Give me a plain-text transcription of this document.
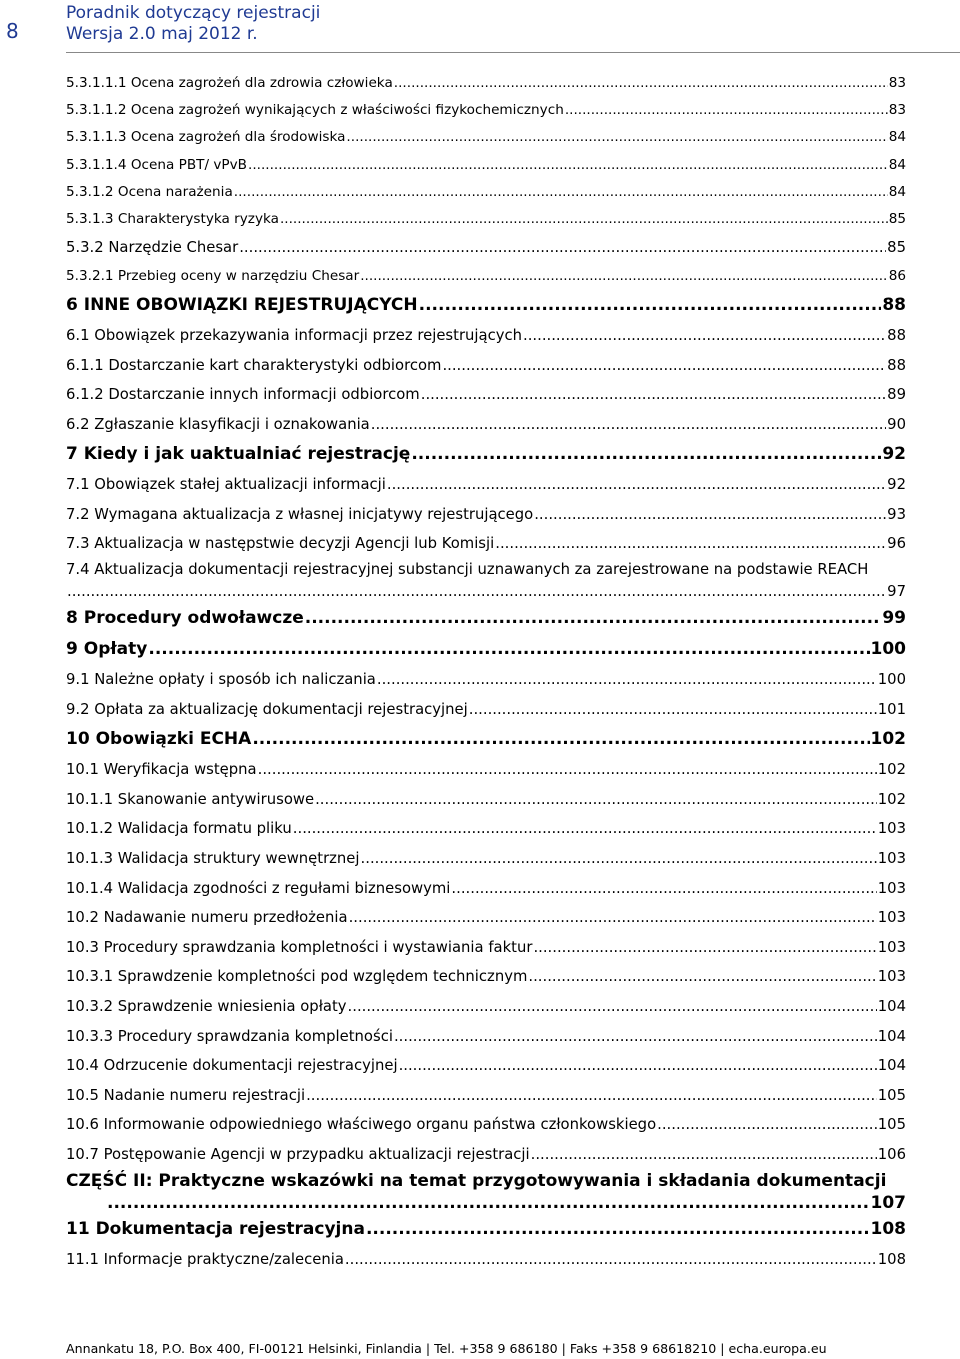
8
Poradnik dotyczący rejestracji
Wersja 2.0 maj 2012 r.
5.3.1.1.1 Ocena zagrożeń dla zdrowia człowieka .....	83
5.3.1.1.2 Ocena zagrożeń wynikających z właściwości fizykochemicznych .....	83
5.3.1.1.3 Ocena zagrożeń dla środowiska .....	84
5.3.1.1.4 Ocena PBT/ vPvB .....	84
5.3.1.2 Ocena narażenia .....	84
5.3.1.3 Charakterystyka ryzyka .....	85
5.3.2 Narzędzie Chesar .....	85
5.3.2.1 Przebieg oceny w narzędziu Chesar .....	86
6 INNE OBOWIĄZKI REJESTRUJĄCYCH .....	88
6.1 Obowiązek przekazywania informacji przez rejestrujących .....	88
6.1.1 Dostarczanie kart charakterystyki odbiorcom .....	88
6.1.2 Dostarczanie innych informacji odbiorcom .....	89
6.2 Zgłaszanie klasyfikacji i oznakowania .....	90
7 Kiedy i jak uaktualniać rejestrację .....	92
7.1 Obowiązek stałej aktualizacji informacji .....	92
7.2 Wymagana aktualizacja z własnej inicjatywy rejestrującego .....	93
7.3 Aktualizacja w następstwie decyzji Agencji lub Komisji .....	96
7.4 Aktualizacja dokumentacji rejestracyjnej substancji uznawanych za zarejestrowane na podstawie REACH
.....
97
8 Procedury odwoławcze .....	99
9 Opłaty .....	100
9.1 Należne opłaty i sposób ich naliczania .....	100
9.2 Opłata za aktualizację dokumentacji rejestracyjnej .....	101
10 Obowiązki ECHA .....	102
10.1 Weryfikacja wstępna .....	102
10.1.1 Skanowanie antywirusowe .....	102
10.1.2 Walidacja formatu pliku .....	103
10.1.3 Walidacja struktury wewnętrznej .....	103
10.1.4 Walidacja zgodności z regułami biznesowymi .....	103
10.2 Nadawanie numeru przedłożenia .....	103
10.3 Procedury sprawdzania kompletności i wystawiania faktur .....	103
10.3.1 Sprawdzenie kompletności pod względem technicznym .....	103
10.3.2 Sprawdzenie wniesienia opłaty .....	104
10.3.3 Procedury sprawdzania kompletności .....	104
10.4 Odrzucenie dokumentacji rejestracyjnej .....	104
10.5 Nadanie numeru rejestracji .....	105
10.6 Informowanie odpowiedniego właściwego organu państwa członkowskiego .....	105
10.7 Postępowanie Agencji w przypadku aktualizacji rejestracji .....	106
CZĘŚĆ II: Praktyczne wskazówki na temat przygotowywania i składania dokumentacji
.....
107
11 Dokumentacja rejestracyjna .....	108
11.1 Informacje praktyczne/zalecenia .....	108
Annankatu 18, P.O. Box 400, FI-00121 Helsinki, Finlandia | Tel. +358 9 686180 | Faks +358 9 68618210 | echa.europa.eu
